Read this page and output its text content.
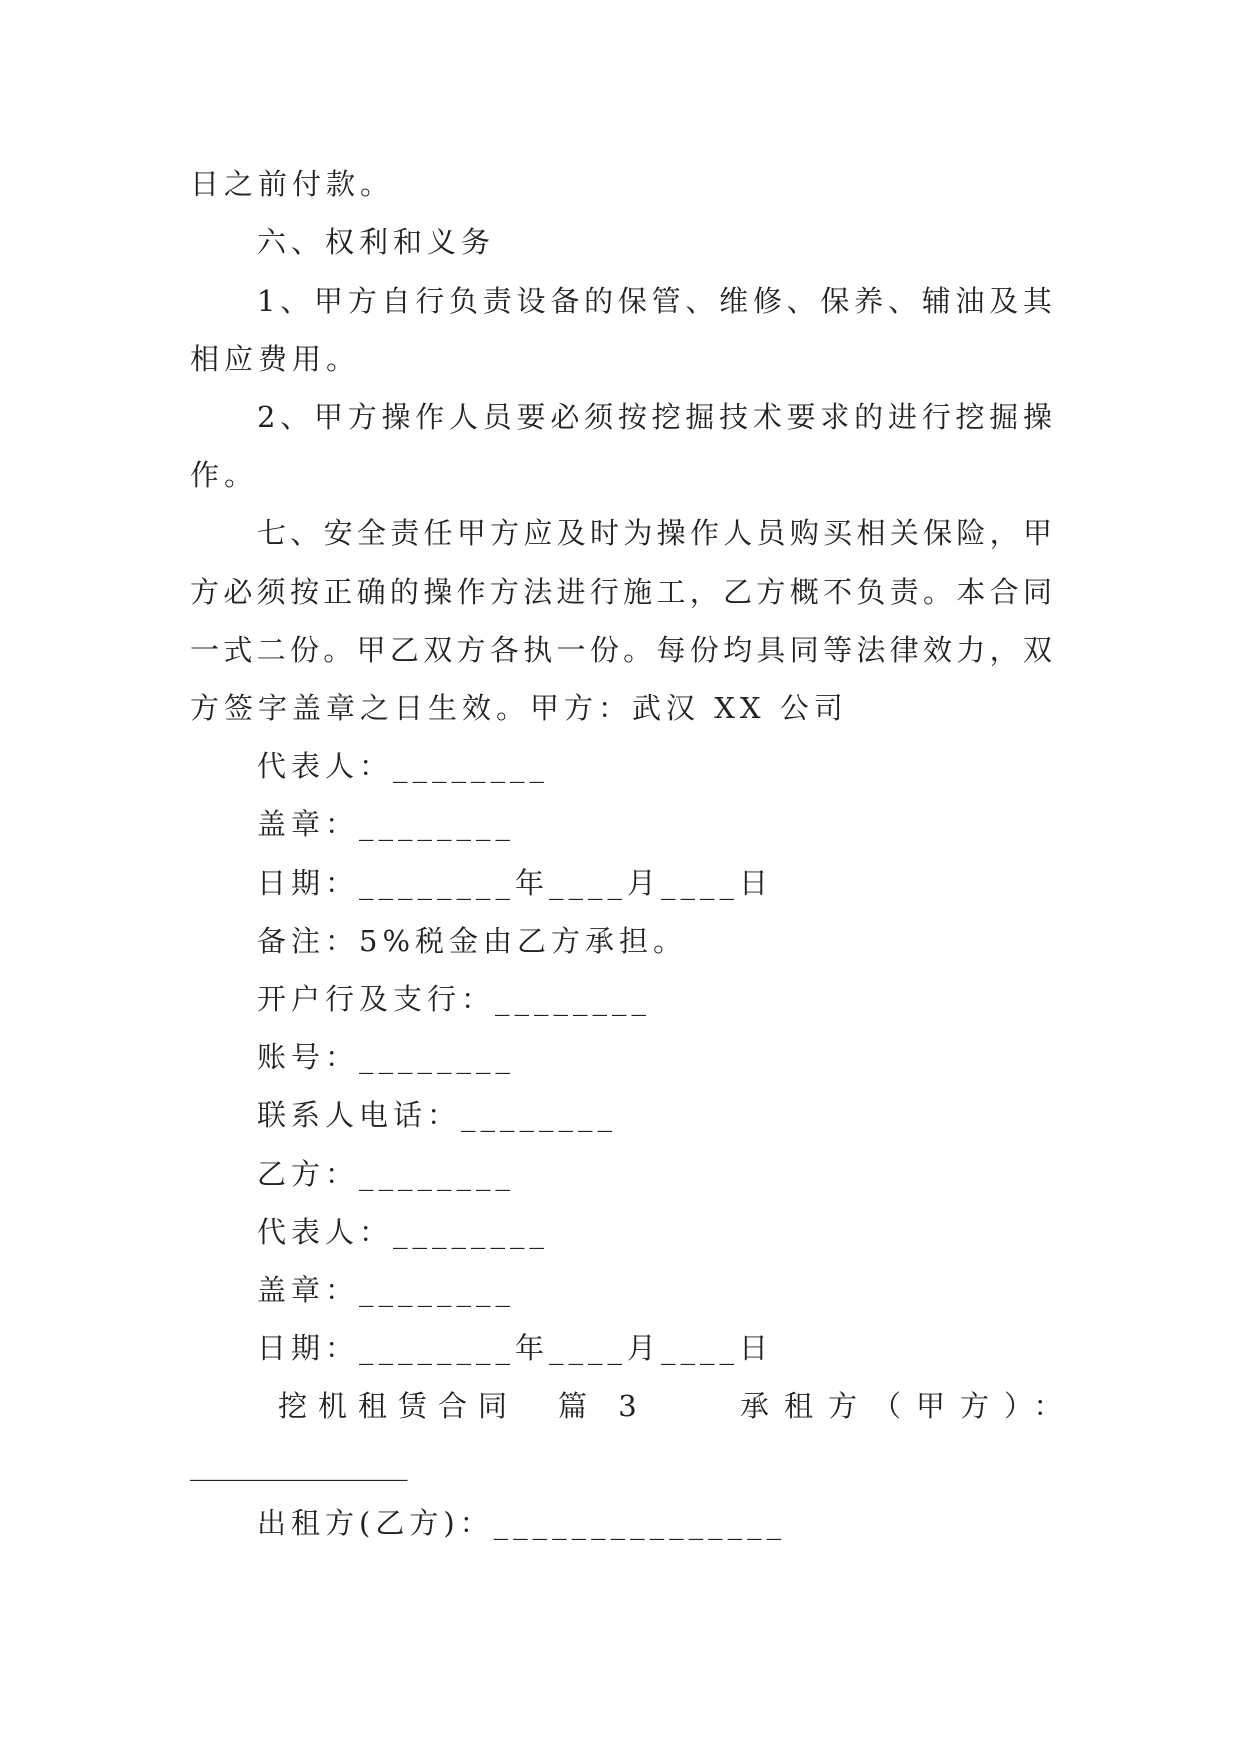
日之前付款。
六、权利和义务
1、甲方自行负责设备的保管、维修、保养、辅油及其
相应费用。
2、甲方操作人员要必须按挖掘技术要求的进行挖掘操
作。
七、安全责任甲方应及时为操作人员购买相关保险，甲
方必须按正确的操作方法进行施工，乙方概不负责。本合同
一式二份。甲乙双方各执一份。每份均具同等法律效力，双
方签字盖章之日生效。甲方：武汉 XX 公司
代表人：________
盖章：________
日期：________年____月____日
备注：5%税金由乙方承担。
开户行及支行：________
账号：________
联系人电话：________
乙方：________
代表人：________
盖章：________
日期：________年____月____日
挖机租赁合同　篇 3	承租方（甲方）：
_______________
出租方(乙方)：_______________
